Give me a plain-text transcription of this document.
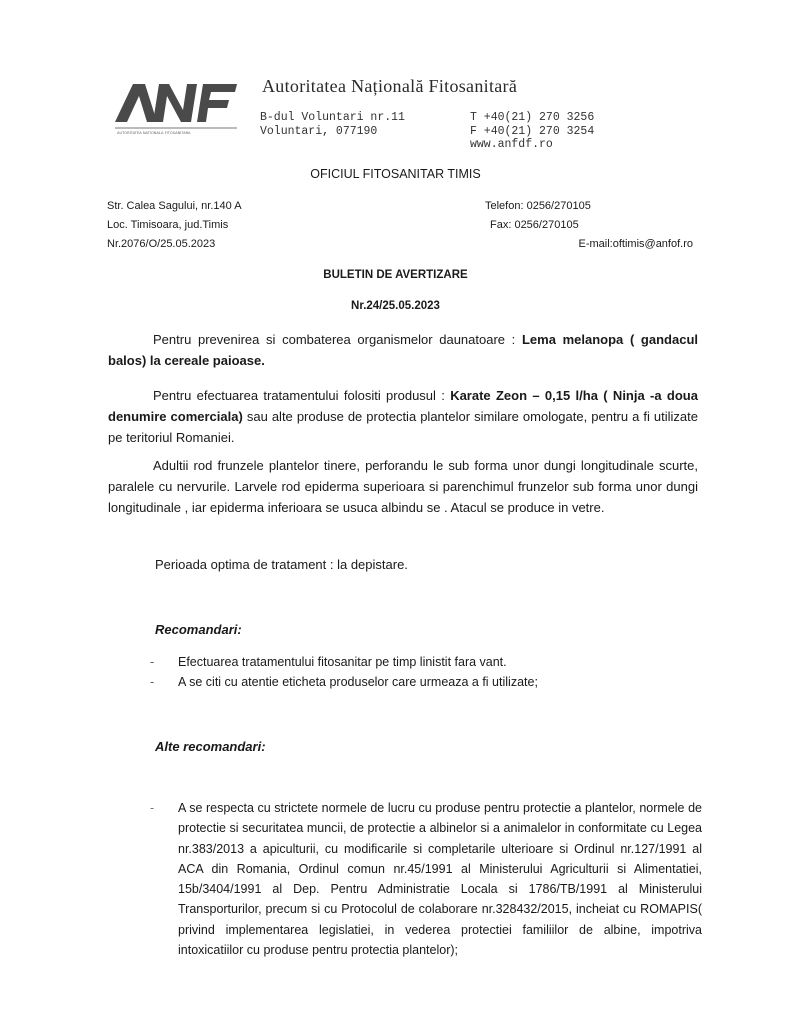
AUTORITATEA NATIONALA FITOSANITARA
Autoritatea Națională Fitosanitară
B-dul Voluntari nr.11
Voluntari, 077190
T +40(21) 270 3256
F +40(21) 270 3254
www.anfdf.ro
OFICIUL FITOSANITAR TIMIS
Str. Calea Sagului, nr.140 A
Loc. Timisoara, jud.Timis
Nr.2076/O/25.05.2023
Telefon: 0256/270105
Fax: 0256/270105
E-mail:oftimis@anfof.ro
BULETIN DE AVERTIZARE
Nr.24/25.05.2023
Pentru prevenirea si combaterea organismelor daunatoare : Lema melanopa ( gandacul balos) la cereale paioase.
Pentru efectuarea tratamentului folositi produsul : Karate Zeon – 0,15 l/ha ( Ninja -a doua denumire comerciala) sau alte produse de protectia plantelor similare omologate, pentru a fi utilizate pe teritoriul Romaniei.
Adultii rod frunzele plantelor tinere, perforandu le sub forma unor dungi longitudinale scurte, paralele cu nervurile. Larvele rod epiderma superioara si parenchimul frunzelor sub forma unor dungi longitudinale , iar epiderma inferioara se usuca albindu se . Atacul se produce in vetre.
Perioada optima de tratament : la depistare.
Recomandari:
- Efectuarea tratamentului fitosanitar pe timp linistit fara vant.
- A se citi cu atentie eticheta produselor care urmeaza a fi utilizate;
Alte recomandari:
-	A se respecta cu strictete normele de lucru cu produse pentru protectie a plantelor, normele de protectie si securitatea muncii, de protectie a albinelor si a animalelor in conformitate cu Legea nr.383/2013 a apiculturii, cu modificarile si completarile ulterioare si Ordinul nr.127/1991 al ACA din Romania, Ordinul comun nr.45/1991 al Ministerului Agriculturii si Alimentatiei, 15b/3404/1991 al Dep. Pentru Administratie Locala si 1786/TB/1991 al Ministerului Transporturilor, precum si cu Protocolul de colaborare nr.328432/2015, incheiat cu ROMAPIS( privind implementarea legislatiei, in vederea protectiei familiilor de albine, impotriva intoxicatiilor cu produse pentru protectia plantelor);
